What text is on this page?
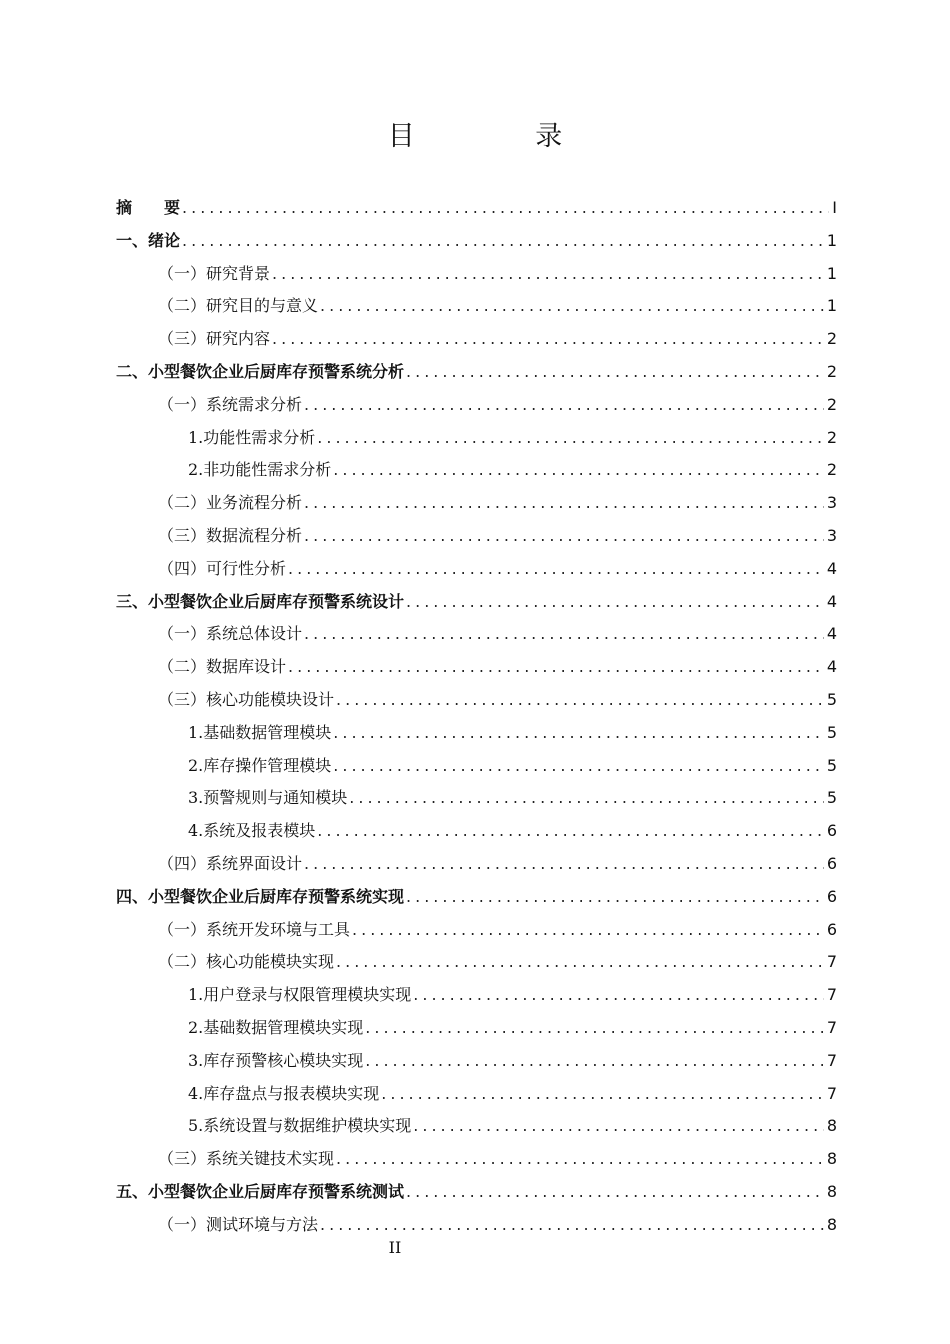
目 录
摘　　要 .....	I
一、绪论 .....	1
（一）研究背景 .....	1
（二）研究目的与意义 .....	1
（三）研究内容 .....	2
二、小型餐饮企业后厨库存预警系统分析 .....	2
（一）系统需求分析 .....	2
1.功能性需求分析 .....	2
2.非功能性需求分析 .....	2
（二）业务流程分析 .....	3
（三）数据流程分析 .....	3
（四）可行性分析 .....	4
三、小型餐饮企业后厨库存预警系统设计 .....	4
（一）系统总体设计 .....	4
（二）数据库设计 .....	4
（三）核心功能模块设计 .....	5
1.基础数据管理模块 .....	5
2.库存操作管理模块 .....	5
3.预警规则与通知模块 .....	5
4.系统及报表模块 .....	6
（四）系统界面设计 .....	6
四、小型餐饮企业后厨库存预警系统实现 .....	6
（一）系统开发环境与工具 .....	6
（二）核心功能模块实现 .....	7
1.用户登录与权限管理模块实现 .....	7
2.基础数据管理模块实现 .....	7
3.库存预警核心模块实现 .....	7
4.库存盘点与报表模块实现 .....	7
5.系统设置与数据维护模块实现 .....	8
（三）系统关键技术实现 .....	8
五、小型餐饮企业后厨库存预警系统测试 .....	8
（一）测试环境与方法 .....	8
II
